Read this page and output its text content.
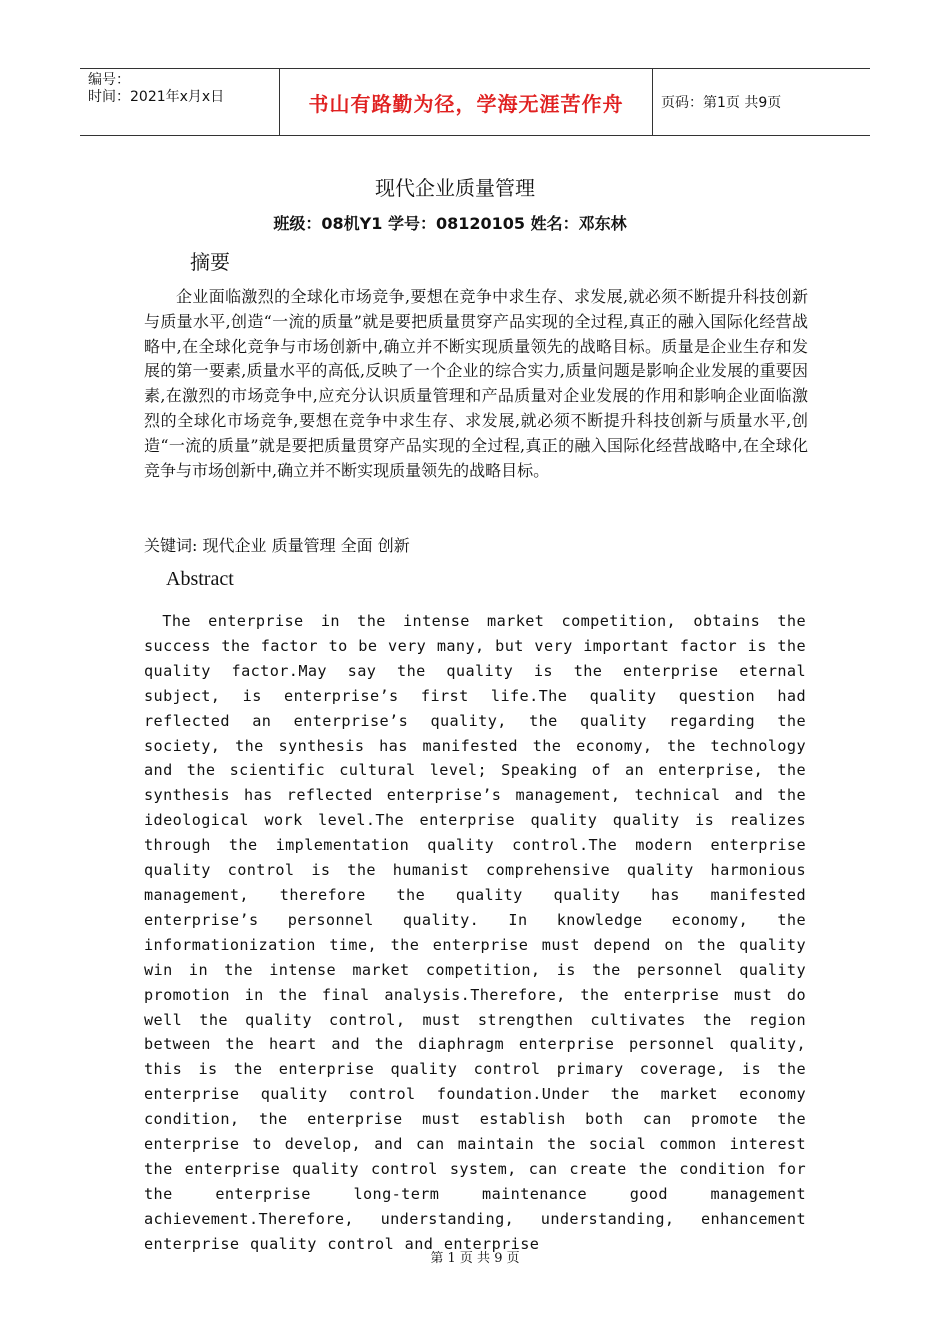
编号：
时间：2021年x月x日	书山有路勤为径，学海无涯苦作舟	页码：第1页 共9页
现代企业质量管理
班级：08机Y1 学号：08120105 姓名：邓东林
摘要

企业面临激烈的全球化市场竞争,要想在竞争中求生存、求发展,就必须不断提升科技创新与质量水平,创造“一流的质量”就是要把质量贯穿产品实现的全过程,真正的融入国际化经营战略中,在全球化竞争与市场创新中,确立并不断实现质量领先的战略目标。质量是企业生存和发展的第一要素,质量水平的高低,反映了一个企业的综合实力,质量问题是影响企业发展的重要因素,在激烈的市场竞争中,应充分认识质量管理和产品质量对企业发展的作用和影响企业面临激烈的全球化市场竞争,要想在竞争中求生存、求发展,就必须不断提升科技创新与质量水平,创造“一流的质量”就是要把质量贯穿产品实现的全过程,真正的融入国际化经营战略中,在全球化竞争与市场创新中,确立并不断实现质量领先的战略目标。

关键词: 现代企业 质量管理 全面 创新
Abstract

The enterprise in the intense market competition, obtains the success the factor to be very many, but very important factor is the quality factor.May say the quality is the enterprise eternal subject, is enterprise’s first life.The quality question had reflected an enterprise’s quality, the quality regarding the society, the synthesis has manifested the economy, the technology and the scientific cultural level; Speaking of an enterprise, the synthesis has reflected enterprise’s management, technical and the ideological work level.The enterprise quality quality is realizes through the implementation quality control.The modern enterprise quality control is the humanist comprehensive quality harmonious management, therefore the quality quality has manifested enterprise’s personnel quality. In knowledge economy, the informationization time, the enterprise must depend on the quality win in the intense market competition, is the personnel quality promotion in the final analysis.Therefore, the enterprise must do well the quality control, must strengthen cultivates the region between the heart and the diaphragm enterprise personnel quality, this is the enterprise quality control primary coverage, is the enterprise quality control foundation.Under the market economy condition, the enterprise must establish both can promote the enterprise to develop, and can maintain the social common interest the enterprise quality control system, can create the condition for the enterprise long-term maintenance good management achievement.Therefore, understanding, understanding, enhancement enterprise quality control and enterprise

第 1 页 共 9 页
